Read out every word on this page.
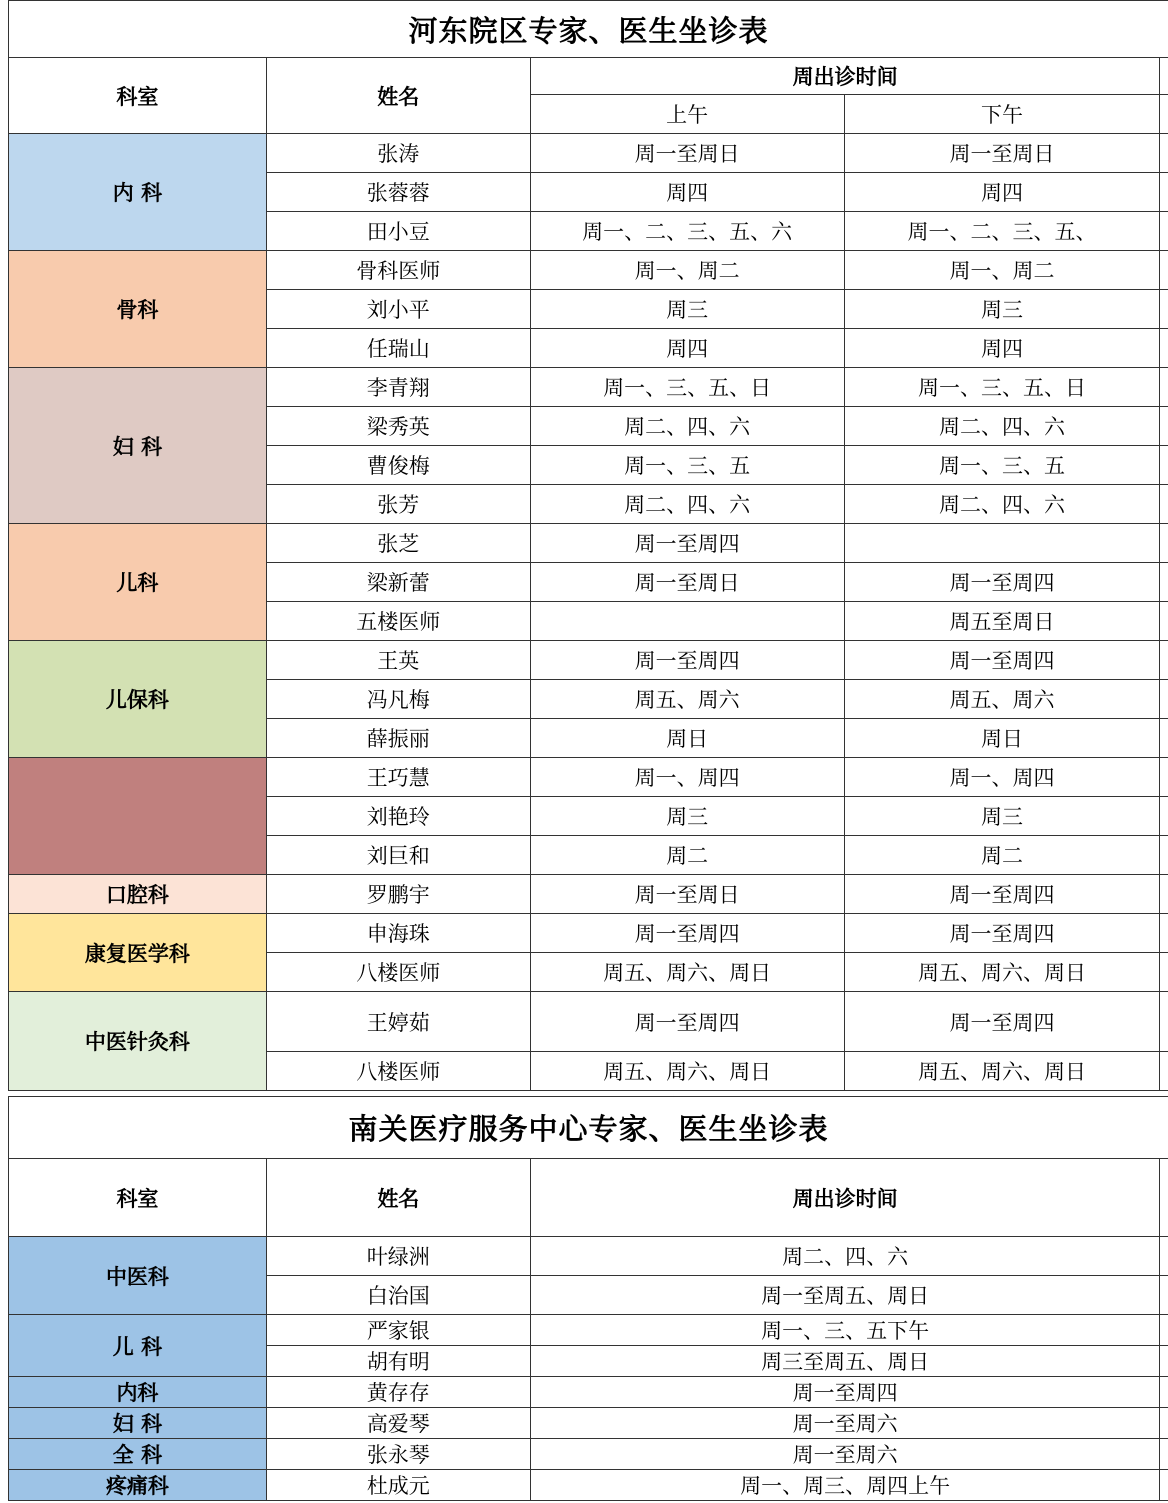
河东院区专家、医生坐诊表				
科室	姓名	周出诊时间		
		上午	下午	
内 科	张涛	周一至周日	周一至周日	
	张蓉蓉	周四	周四	
	田小豆	周一、二、三、五、六	周一、二、三、五、	
骨科	骨科医师	周一、周二	周一、周二	
	刘小平	周三	周三	
	任瑞山	周四	周四	
妇 科	李青翔	周一、三、五、日	周一、三、五、日	
	梁秀英	周二、四、六	周二、四、六	
	曹俊梅	周一、三、五	周一、三、五	
	张芳	周二、四、六	周二、四、六	
儿科	张芝	周一至周四		
	梁新蕾	周一至周日	周一至周四	
	五楼医师		周五至周日	
儿保科	王英	周一至周四	周一至周四	
	冯凡梅	周五、周六	周五、周六	
	薛振丽	周日	周日	
	王巧慧	周一、周四	周一、周四	
	刘艳玲	周三	周三	
	刘巨和	周二	周二	
口腔科	罗鹏宇	周一至周日	周一至周四	
康复医学科	申海珠	周一至周四	周一至周四	
	八楼医师	周五、周六、周日	周五、周六、周日	
中医针灸科	王婷茹	周一至周四	周一至周四	
	八楼医师	周五、周六、周日	周五、周六、周日	
南关医疗服务中心专家、医生坐诊表			
科室	姓名	周出诊时间	
中医科	叶绿洲	周二、四、六	
	白治国	周一至周五、周日	
儿 科	严家银	周一、三、五下午	
	胡有明	周三至周五、周日	
内科	黄存存	周一至周四	
妇 科	高爱琴	周一至周六	
全 科	张永琴	周一至周六	
疼痛科	杜成元	周一、周三、周四上午	
